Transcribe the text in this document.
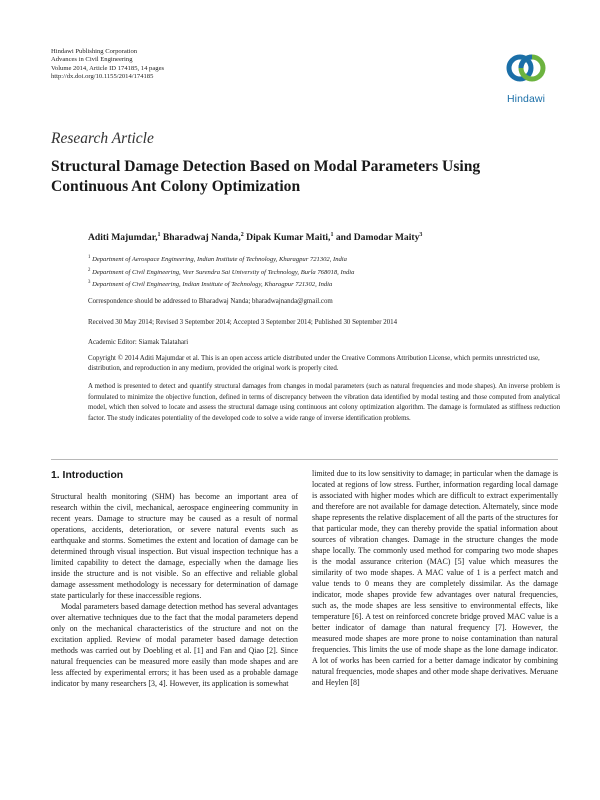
Hindawi Publishing Corporation
Advances in Civil Engineering
Volume 2014, Article ID 174185, 14 pages
http://dx.doi.org/10.1155/2014/174185
Hindawi
Research Article
Structural Damage Detection Based on Modal Parameters Using
Continuous Ant Colony Optimization
Aditi Majumdar,$^1$ Bharadwaj Nanda,$^2$ Dipak Kumar Maiti,$^1$ and Damodar Maity$^3$
$^1$ Department of Aerospace Engineering, Indian Institute of Technology, Kharagpur 721302, India
$^2$ Department of Civil Engineering, Veer Surendra Sai University of Technology, Burla 768018, India
$^3$ Department of Civil Engineering, Indian Institute of Technology, Kharagpur 721302, India
Correspondence should be addressed to Bharadwaj Nanda; bharadwajnanda@gmail.com
Received 30 May 2014; Revised 3 September 2014; Accepted 3 September 2014; Published 30 September 2014
Academic Editor: Siamak Talatahari
Copyright © 2014 Aditi Majumdar et al. This is an open access article distributed under the Creative Commons Attribution License, which permits unrestricted use, distribution, and reproduction in any medium, provided the original work is properly cited.
A method is presented to detect and quantify structural damages from changes in modal parameters (such as natural frequencies and mode shapes). An inverse problem is formulated to minimize the objective function, defined in terms of discrepancy between the vibration data identified by modal testing and those computed from analytical model, which then solved to locate and assess the structural damage using continuous ant colony optimization algorithm. The damage is formulated as stiffness reduction factor. The study indicates potentiality of the developed code to solve a wide range of inverse identification problems.
1. Introduction

Structural health monitoring (SHM) has become an important area of research within the civil, mechanical, aerospace engineering community in recent years. Damage to structure may be caused as a result of normal operations, accidents, deterioration, or severe natural events such as earthquake and storms. Sometimes the extent and location of damage can be determined through visual inspection. But visual inspection technique has a limited capability to detect the damage, especially when the damage lies inside the structure and is not visible. So an effective and reliable global damage assessment methodology is necessary for determination of damage state particularly for these inaccessible regions.

Modal parameters based damage detection method has several advantages over alternative techniques due to the fact that the modal parameters depend only on the mechanical characteristics of the structure and not on the excitation applied. Review of modal parameter based damage detection methods was carried out by Doebling et al. [1] and Fan and Qiao [2]. Since natural frequencies can be measured more easily than mode shapes and are less affected by experimental errors; it has been used as a probable damage indicator by many researchers [3, 4]. However, its application is somewhat

limited due to its low sensitivity to damage; in particular when the damage is located at regions of low stress. Further, information regarding local damage is associated with higher modes which are difficult to extract experimentally and therefore are not available for damage detection. Alternately, since mode shape represents the relative displacement of all the parts of the structures for that particular mode, they can thereby provide the spatial information about sources of vibration changes. Damage in the structure changes the mode shape locally. The commonly used method for comparing two mode shapes is the modal assurance criterion (MAC) [5] value which measures the similarity of two mode shapes. A MAC value of 1 is a perfect match and value tends to 0 means they are completely dissimilar. As the damage indicator, mode shapes provide few advantages over natural frequencies, such as, the mode shapes are less sensitive to environmental effects, like temperature [6]. A test on reinforced concrete bridge proved MAC value is a better indicator of damage than natural frequency [7]. However, the measured mode shapes are more prone to noise contamination than natural frequencies. This limits the use of mode shape as the lone damage indicator. A lot of works has been carried for a better damage indicator by combining natural frequencies, mode shapes and other mode shape derivatives. Meruane and Heylen [8]
